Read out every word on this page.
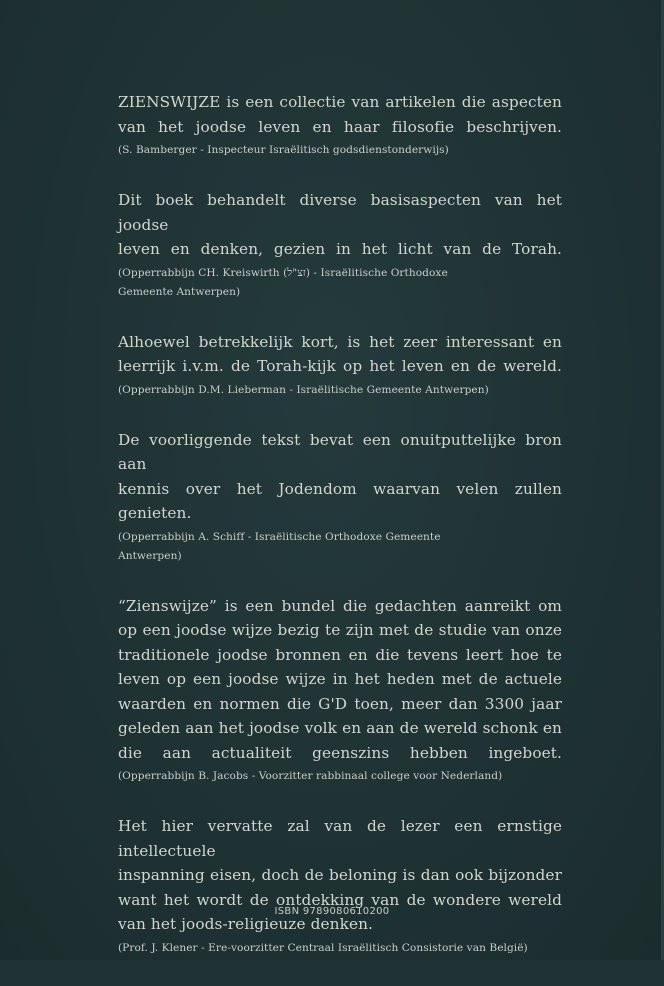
ZIENSWIJZE is een collectie van artikelen die aspecten
van het joodse leven en haar filosofie beschrijven.

(S. Bamberger - Inspecteur Israëlitisch godsdienstonderwijs)

Dit boek behandelt diverse basisaspecten van het joodse
leven en denken, gezien in het licht van de Torah.

(Opperrabbijn CH. Kreiswirth (זצ"ל) - Israëlitische Orthodoxe
Gemeente Antwerpen)

Alhoewel betrekkelijk kort, is het zeer interessant en
leerrijk i.v.m. de Torah-kijk op het leven en de wereld.

(Opperrabbijn D.M. Lieberman - Israëlitische Gemeente Antwerpen)

De voorliggende tekst bevat een onuitputtelijke bron aan
kennis over het Jodendom waarvan velen zullen genieten.

(Opperrabbijn A. Schiff - Israëlitische Orthodoxe Gemeente
Antwerpen)

“Zienswijze” is een bundel die gedachten aanreikt om
op een joodse wijze bezig te zijn met de studie van onze
traditionele joodse bronnen en die tevens leert hoe te
leven op een joodse wijze in het heden met de actuele
waarden en normen die G'D toen, meer dan 3300 jaar
geleden aan het joodse volk en aan de wereld schonk en
die aan actualiteit geenszins hebben ingeboet.

(Opperrabbijn B. Jacobs - Voorzitter rabbinaal college voor Nederland)

Het hier vervatte zal van de lezer een ernstige intellectuele
inspanning eisen, doch de beloning is dan ook bijzonder
want het wordt de ontdekking van de wondere wereld
van het joods-religieuze denken.

(Prof. J. Klener - Ere-voorzitter Centraal Israëlitisch Consistorie van België)

ISBN 9789080610200
